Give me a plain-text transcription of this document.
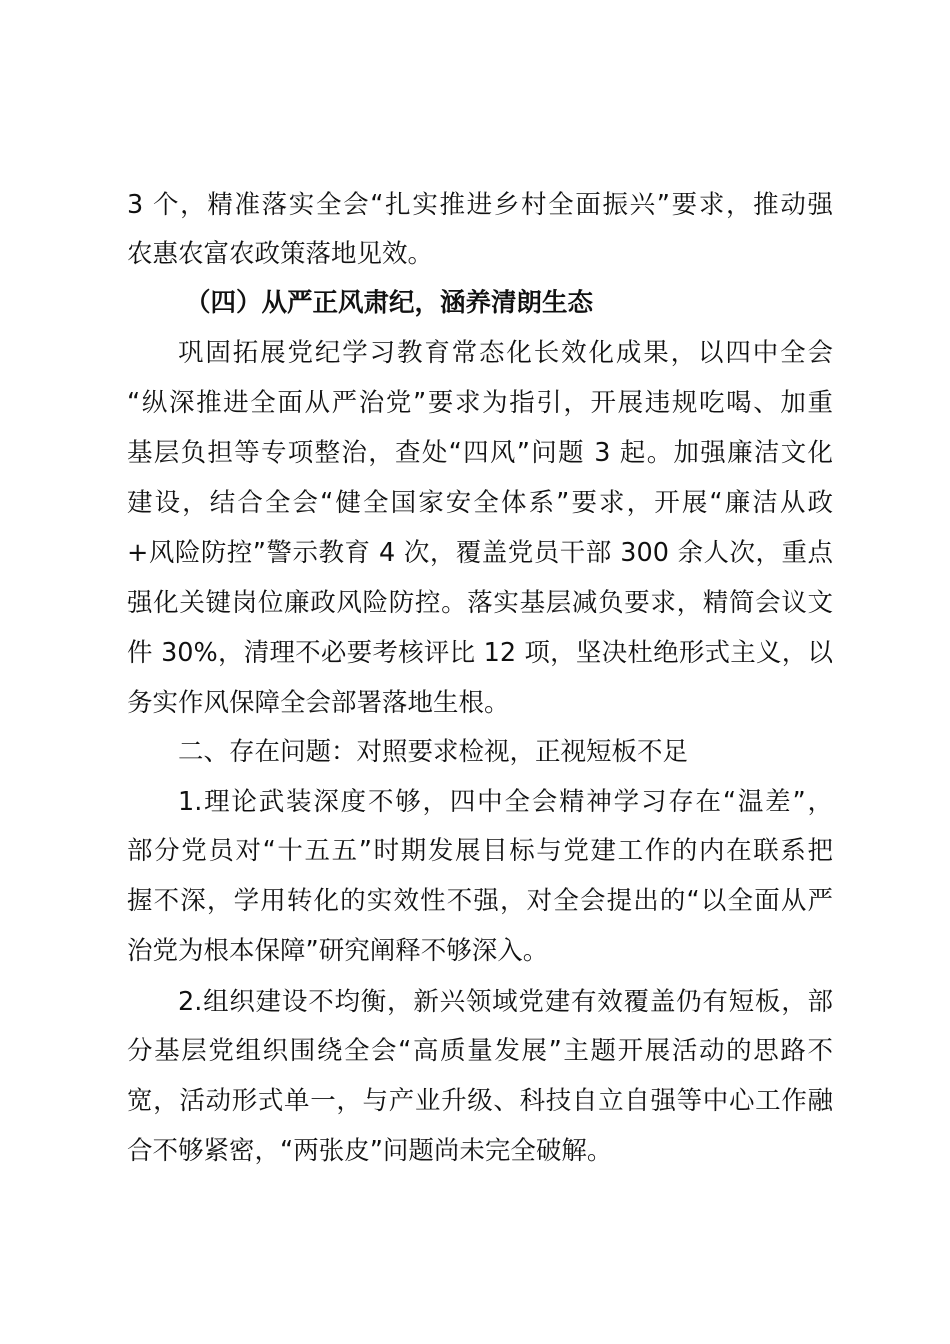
3 个，精准落实全会“扎实推进乡村全面振兴”要求，推动强
农惠农富农政策落地见效。
（四）从严正风肃纪，涵养清朗生态
巩固拓展党纪学习教育常态化长效化成果，以四中全会
“纵深推进全面从严治党”要求为指引，开展违规吃喝、加重
基层负担等专项整治，查处“四风”问题 3 起。加强廉洁文化
建设，结合全会“健全国家安全体系”要求，开展“廉洁从政
+风险防控”警示教育 4 次，覆盖党员干部 300 余人次，重点
强化关键岗位廉政风险防控。落实基层减负要求，精简会议文
件 30%，清理不必要考核评比 12 项，坚决杜绝形式主义，以
务实作风保障全会部署落地生根。
二、存在问题：对照要求检视，正视短板不足
1.理论武装深度不够，四中全会精神学习存在“温差”，
部分党员对“十五五”时期发展目标与党建工作的内在联系把
握不深，学用转化的实效性不强，对全会提出的“以全面从严
治党为根本保障”研究阐释不够深入。
2.组织建设不均衡，新兴领域党建有效覆盖仍有短板，部
分基层党组织围绕全会“高质量发展”主题开展活动的思路不
宽，活动形式单一，与产业升级、科技自立自强等中心工作融
合不够紧密，“两张皮”问题尚未完全破解。
